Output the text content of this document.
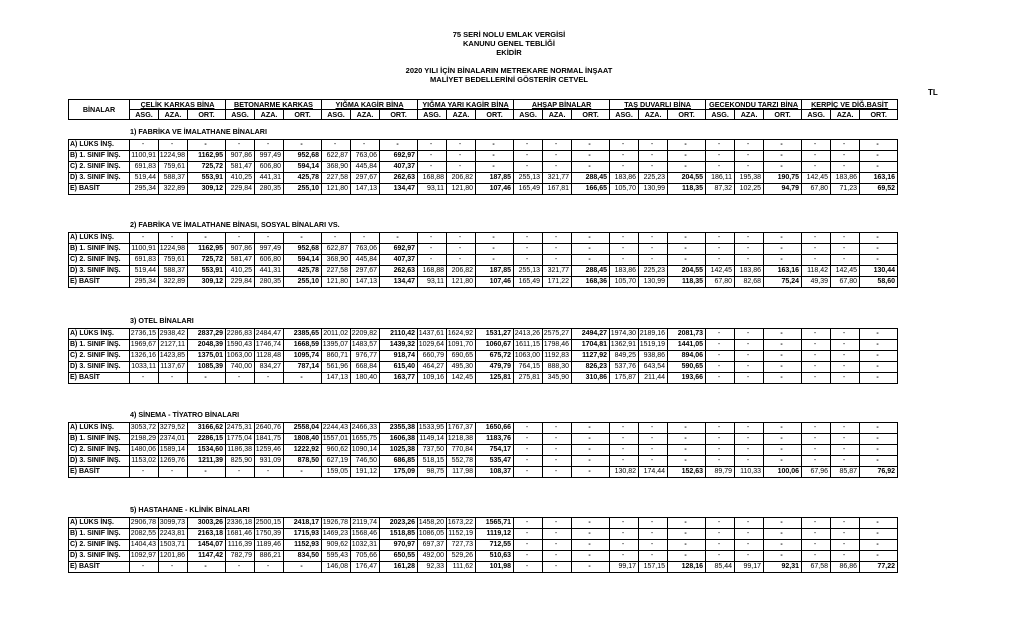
75 SERİ NOLU EMLAK VERGİSİ
KANUNU GENEL TEBLİĞİ
EKİDİR
2020 YILI İÇİN BİNALARIN METREKARE NORMAL İNŞAAT
MALİYET BEDELLERİNİ GÖSTERİR CETVEL
TL
BİNALAR	ÇELİK KARKAS BİNA			BETONARME KARKAS			YIĞMA KAGİR BİNA			YIĞMA YARI KAGİR BİNA			AHŞAP BİNALAR			TAŞ DUVARLI BİNA			GECEKONDU TARZI BİNA			KERPİÇ VE DİĞ.BASİT		
	ASG.	AZA.	ORT.	ASG.	AZA.	ORT.	ASG.	AZA.	ORT.	ASG.	AZA.	ORT.	ASG.	AZA.	ORT.	ASG.	AZA.	ORT.	ASG.	AZA.	ORT.	ASG.	AZA.	ORT.
1) FABRİKA VE İMALATHANE BİNALARI
A) LÜKS İNŞ.	-	-	-	-	-	-	-	-	-	-	-	-	-	-	-	-	-	-	-	-	-	-	-	-
B) 1. SINIF İNŞ.	1100,91	1224,98	1162,95	907,86	997,49	952,68	622,87	763,06	692,97	-	-	-	-	-	-	-	-	-	-	-	-	-	-	-
C) 2. SINIF İNŞ.	691,83	759,61	725,72	581,47	606,80	594,14	368,90	445,84	407,37	-	-	-	-	-	-	-	-	-	-	-	-	-	-	-
D) 3. SINIF İNŞ.	519,44	588,37	553,91	410,25	441,31	425,78	227,58	297,67	262,63	168,88	206,82	187,85	255,13	321,77	288,45	183,86	225,23	204,55	186,11	195,38	190,75	142,45	183,86	163,16
E) BASİT	295,34	322,89	309,12	229,84	280,35	255,10	121,80	147,13	134,47	93,11	121,80	107,46	165,49	167,81	166,65	105,70	130,99	118,35	87,32	102,25	94,79	67,80	71,23	69,52
2) FABRİKA VE İMALATHANE BİNASI, SOSYAL BİNALARI VS.
A) LÜKS İNŞ.	-	-	-	-	-	-	-	-	-	-	-	-	-	-	-	-	-	-	-	-	-	-	-	-
B) 1. SINIF İNŞ.	1100,91	1224,98	1162,95	907,86	997,49	952,68	622,87	763,06	692,97	-	-	-	-	-	-	-	-	-	-	-	-	-	-	-
C) 2. SINIF İNŞ.	691,83	759,61	725,72	581,47	606,80	594,14	368,90	445,84	407,37	-	-	-	-	-	-	-	-	-	-	-	-	-	-	-
D) 3. SINIF İNŞ.	519,44	588,37	553,91	410,25	441,31	425,78	227,58	297,67	262,63	168,88	206,82	187,85	255,13	321,77	288,45	183,86	225,23	204,55	142,45	183,86	163,16	118,42	142,45	130,44
E) BASİT	295,34	322,89	309,12	229,84	280,35	255,10	121,80	147,13	134,47	93,11	121,80	107,46	165,49	171,22	168,36	105,70	130,99	118,35	67,80	82,68	75,24	49,39	67,80	58,60
3) OTEL BİNALARI
A) LÜKS İNŞ.	2736,15	2938,42	2837,29	2286,83	2484,47	2385,65	2011,02	2209,82	2110,42	1437,61	1624,92	1531,27	2413,26	2575,27	2494,27	1974,30	2189,16	2081,73	-	-	-	-	-	-
B) 1. SINIF İNŞ.	1969,67	2127,11	2048,39	1590,43	1746,74	1668,59	1395,07	1483,57	1439,32	1029,64	1091,70	1060,67	1611,15	1798,46	1704,81	1362,91	1519,19	1441,05	-	-	-	-	-	-
C) 2. SINIF İNŞ.	1326,16	1423,85	1375,01	1063,00	1128,48	1095,74	860,71	976,77	918,74	660,79	690,65	675,72	1063,00	1192,83	1127,92	849,25	938,86	894,06	-	-	-	-	-	-
D) 3. SINIF İNŞ.	1033,11	1137,67	1085,39	740,00	834,27	787,14	561,96	668,84	615,40	464,27	495,30	479,79	764,15	888,30	826,23	537,76	643,54	590,65	-	-	-	-	-	-
E) BASİT	-	-	-	-	-	-	147,13	180,40	163,77	109,16	142,45	125,81	275,81	345,90	310,86	175,87	211,44	193,66	-	-	-	-	-	-
4) SİNEMA - TİYATRO BİNALARI
A) LÜKS İNŞ.	3053,72	3279,52	3166,62	2475,31	2640,76	2558,04	2244,43	2466,33	2355,38	1533,95	1767,37	1650,66	-	-	-	-	-	-	-	-	-	-	-	-
B) 1. SINIF İNŞ.	2198,29	2374,01	2286,15	1775,04	1841,75	1808,40	1557,01	1655,75	1606,38	1149,14	1218,38	1183,76	-	-	-	-	-	-	-	-	-	-	-	-
C) 2. SINIF İNŞ.	1480,06	1589,14	1534,60	1186,38	1259,46	1222,92	960,62	1090,14	1025,38	737,50	770,84	754,17	-	-	-	-	-	-	-	-	-	-	-	-
D) 3. SINIF İNŞ.	1153,02	1269,76	1211,39	825,90	931,09	878,50	627,19	746,50	686,85	518,15	552,78	535,47	-	-	-	-	-	-	-	-	-	-	-	-
E) BASİT	-	-	-	-	-	-	159,05	191,12	175,09	98,75	117,98	108,37	-	-	-	130,82	174,44	152,63	89,79	110,33	100,06	67,96	85,87	76,92
5) HASTAHANE - KLİNİK BİNALARI
A) LÜKS İNŞ.	2906,78	3099,73	3003,26	2336,18	2500,15	2418,17	1926,78	2119,74	2023,26	1458,20	1673,22	1565,71	-	-	-	-	-	-	-	-	-	-	-	-
B) 1. SINIF İNŞ.	2082,55	2243,81	2163,18	1681,46	1750,39	1715,93	1469,23	1568,46	1518,85	1086,05	1152,19	1119,12	-	-	-	-	-	-	-	-	-	-	-	-
C) 2. SINIF İNŞ.	1404,43	1503,71	1454,07	1116,39	1189,46	1152,93	909,62	1032,31	970,97	697,37	727,73	712,55	-	-	-	-	-	-	-	-	-	-	-	-
D) 3. SINIF İNŞ.	1092,97	1201,86	1147,42	782,79	886,21	834,50	595,43	705,66	650,55	492,00	529,26	510,63	-	-	-	-	-	-	-	-	-	-	-	-
E) BASİT	-	-	-	-	-	-	146,08	176,47	161,28	92,33	111,62	101,98	-	-	-	99,17	157,15	128,16	85,44	99,17	92,31	67,58	86,86	77,22
